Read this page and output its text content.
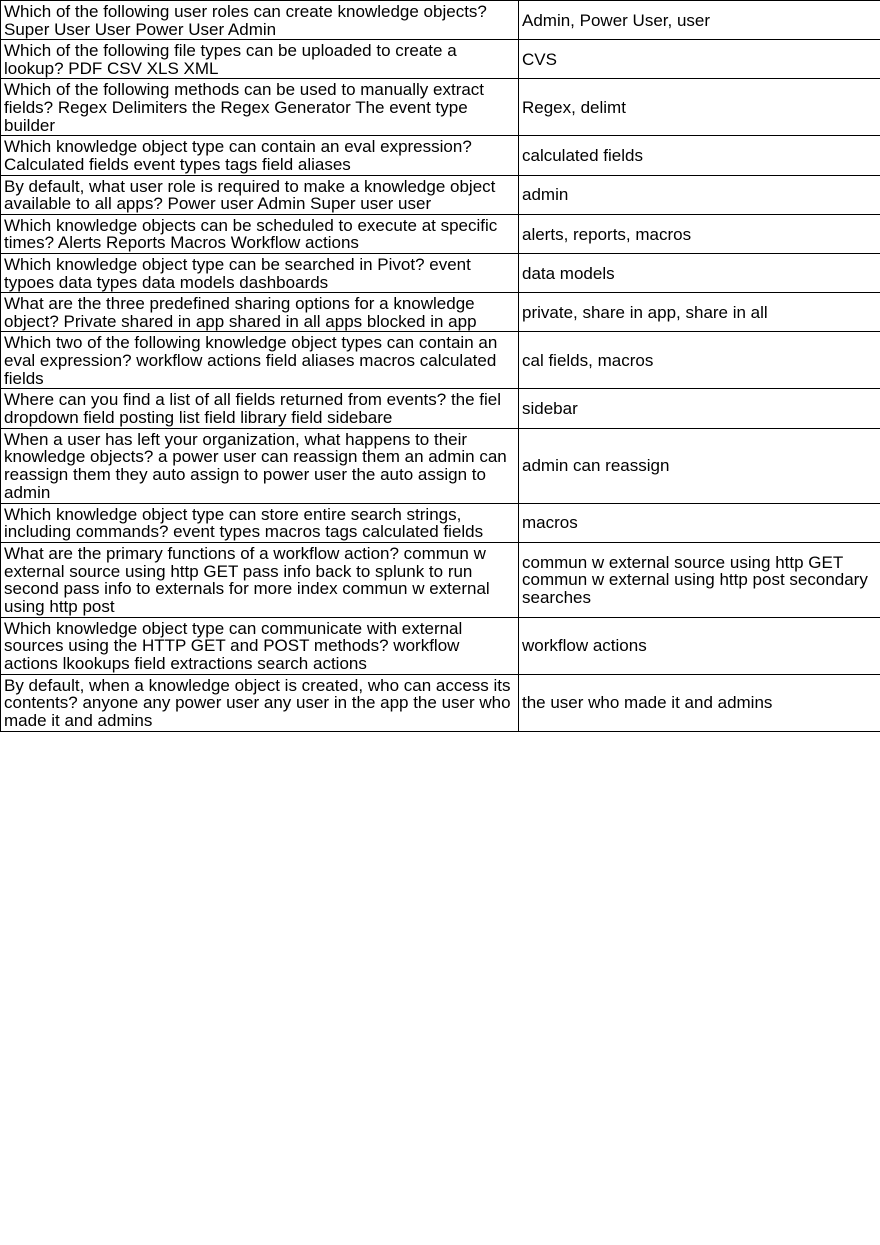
Which of the following user roles can create knowledge objects? Super User User Power User Admin	Admin, Power User, user
Which of the following file types can be uploaded to create a lookup? PDF CSV XLS XML	CVS
Which of the following methods can be used to manually extract fields? Regex Delimiters the Regex Generator The event type builder	Regex, delimt
Which knowledge object type can contain an eval expression? Calculated fields event types tags field aliases	calculated fields
By default, what user role is required to make a knowledge object available to all apps? Power user Admin Super user user	admin
Which knowledge objects can be scheduled to execute at specific times? Alerts Reports Macros Workflow actions	alerts, reports, macros
Which knowledge object type can be searched in Pivot? event typoes data types data models dashboards	data models
What are the three predefined sharing options for a knowledge object? Private shared in app shared in all apps blocked in app	private, share in app, share in all
Which two of the following knowledge object types can contain an eval expression? workflow actions field aliases macros calculated fields	cal fields, macros
Where can you find a list of all fields returned from events? the fiel dropdown field posting list field library field sidebare	sidebar
When a user has left your organization, what happens to their knowledge objects? a power user can reassign them an admin can reassign them they auto assign to power user the auto assign to admin	admin can reassign
Which knowledge object type can store entire search strings, including commands? event types macros tags calculated fields	macros
What are the primary functions of a workflow action? commun w external source using http GET pass info back to splunk to run second pass info to externals for more index commun w external using http post	commun w external source using http GET commun w external using http post secondary searches
Which knowledge object type can communicate with external sources using the HTTP GET and POST methods? workflow actions lkookups field extractions search actions	workflow actions
By default, when a knowledge object is created, who can access its contents? anyone any power user any user in the app the user who made it and admins	the user who made it and admins
